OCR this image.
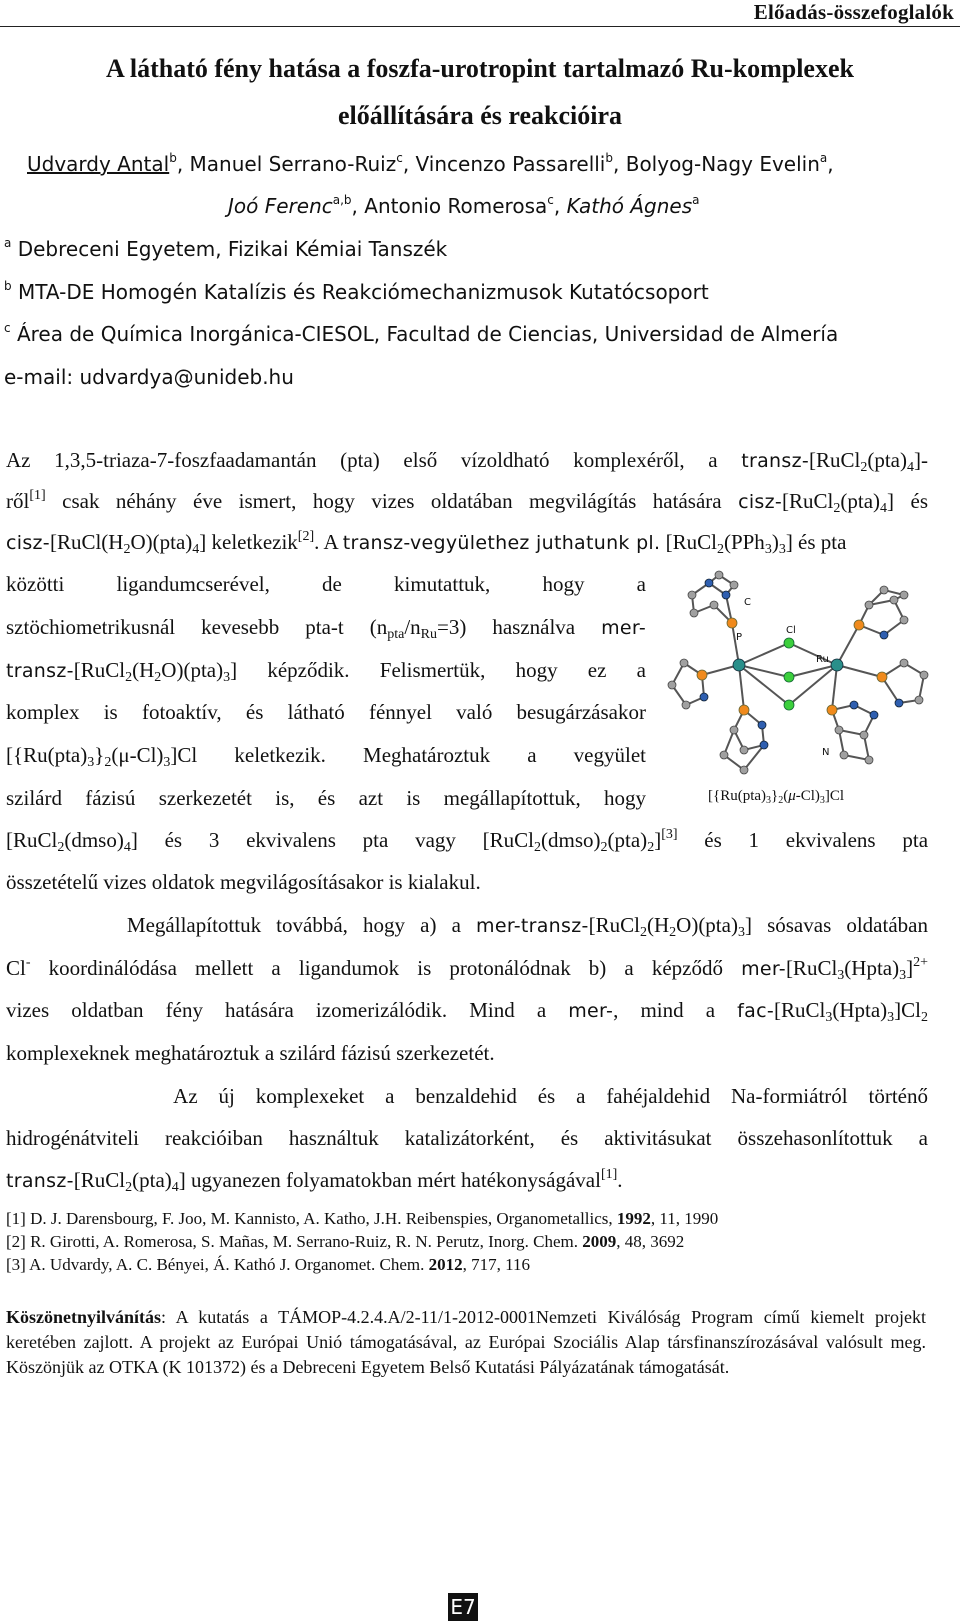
Előadás-összefoglalók
A látható fény hatása a foszfa-urotropint tartalmazó Ru-komplexek
előállítására és reakcióira
Udvardy Antal$^b$, Manuel Serrano-Ruiz$^c$, Vincenzo Passarelli$^b$, Bolyog-Nagy Evelin$^a$,
Joó Ferenc$^{a,b}$, Antonio Romerosa$^c$, Kathó Ágnes$^a$
$^a$ Debreceni Egyetem, Fizikai Kémiai Tanszék
$^b$ MTA-DE Homogén Katalízis és Reakciómechanizmusok Kutatócsoport
$^c$ Área de Química Inorgánica-CIESOL, Facultad de Ciencias, Universidad de Almería
e-mail: udvardya@unideb.hu
Az 1,3,5-triaza-7-foszfaadamantán (pta) első vízoldható komplexéről, a transz-$[RuCl_2(pta)_4]-$
ről[1] csak néhány éve ismert, hogy vizes oldatában megvilágítás hatására cisz-$[RuCl_2(pta)_4]$ és
cisz-$[RuCl(H_2O)(pta)_4]$ keletkezik[2]. A transz-vegyülethez juthatunk pl. $[RuCl_2(PPh_3)_3]$ és pta
közötti ligandumcserével, de kimutattuk, hogy a
sztöchiometrikusnál kevesebb pta-t $(n_{pta}/n_{Ru}=3)$ használva mer-
transz-$[RuCl_2(H_2O)(pta)_3]$ képződik. Felismertük, hogy ez a
komplex is fotoaktív, és látható fénnyel való besugárzásakor
$[\{Ru(pta)_3\}_2(\mu-Cl)_3]Cl$ keletkezik. Meghatároztuk a vegyület
szilárd fázisú szerkezetét is, és azt is megállapítottuk, hogy
$[RuCl_2(dmso)_4]$ és 3 ekvivalens pta vagy $[RuCl_2(dmso)_2(pta)_2][3]$ és 1 ekvivalens pta
összetételű vizes oldatok megvilágosításakor is kialakul.
Megállapítottuk továbbá, hogy a) a mer-$transz-[RuCl_2(H_2O)(pta)_3]$ sósavas oldatában
Cl- koordinálódása mellett a ligandumok is protonálódnak b) a képződő mer-$[RuCl_3(Hpta)_3]^{2+}$
vizes oldatban fény hatására izomerizálódik. Mind a mer-, mind a fac-$[RuCl_3(Hpta)_3]Cl_2$
komplexeknek meghatároztuk a szilárd fázisú szerkezetét.
Az új komplexeket a benzaldehid és a fahéjaldehid Na-formiátról történő
hidrogénátviteli reakcióiban használtuk katalizátorként, és aktivitásukat összehasonlítottuk a
transz-$[RuCl_2(pta)_4]$ ugyanezen folyamatokban mért hatékonyságával[1].
C
P
Cl
Ru
N
$[\{Ru(pta)_3\}_2(\mu-Cl)_3]Cl$
[1] D. J. Darensbourg, F. Joo, M. Kannisto, A. Katho, J.H. Reibenspies, Organometallics, 1992, 11, 1990
[2] R. Girotti, A. Romerosa, S. Mañas, M. Serrano-Ruiz, R. N. Perutz, Inorg. Chem. 2009, 48, 3692
[3] A. Udvardy, A. C. Bényei, Á. Kathó J. Organomet. Chem. 2012, 717, 116
Köszönetnyilvánítás: A kutatás a TÁMOP-4.2.4.A/2-11/1-2012-0001Nemzeti Kiválóság Program című kiemelt projekt keretében zajlott. A projekt az Európai Unió támogatásával, az Európai Szociális Alap társfinanszírozásával valósult meg. Köszönjük az OTKA (K 101372) és a Debreceni Egyetem Belső Kutatási Pályázatának támogatását.
E7
